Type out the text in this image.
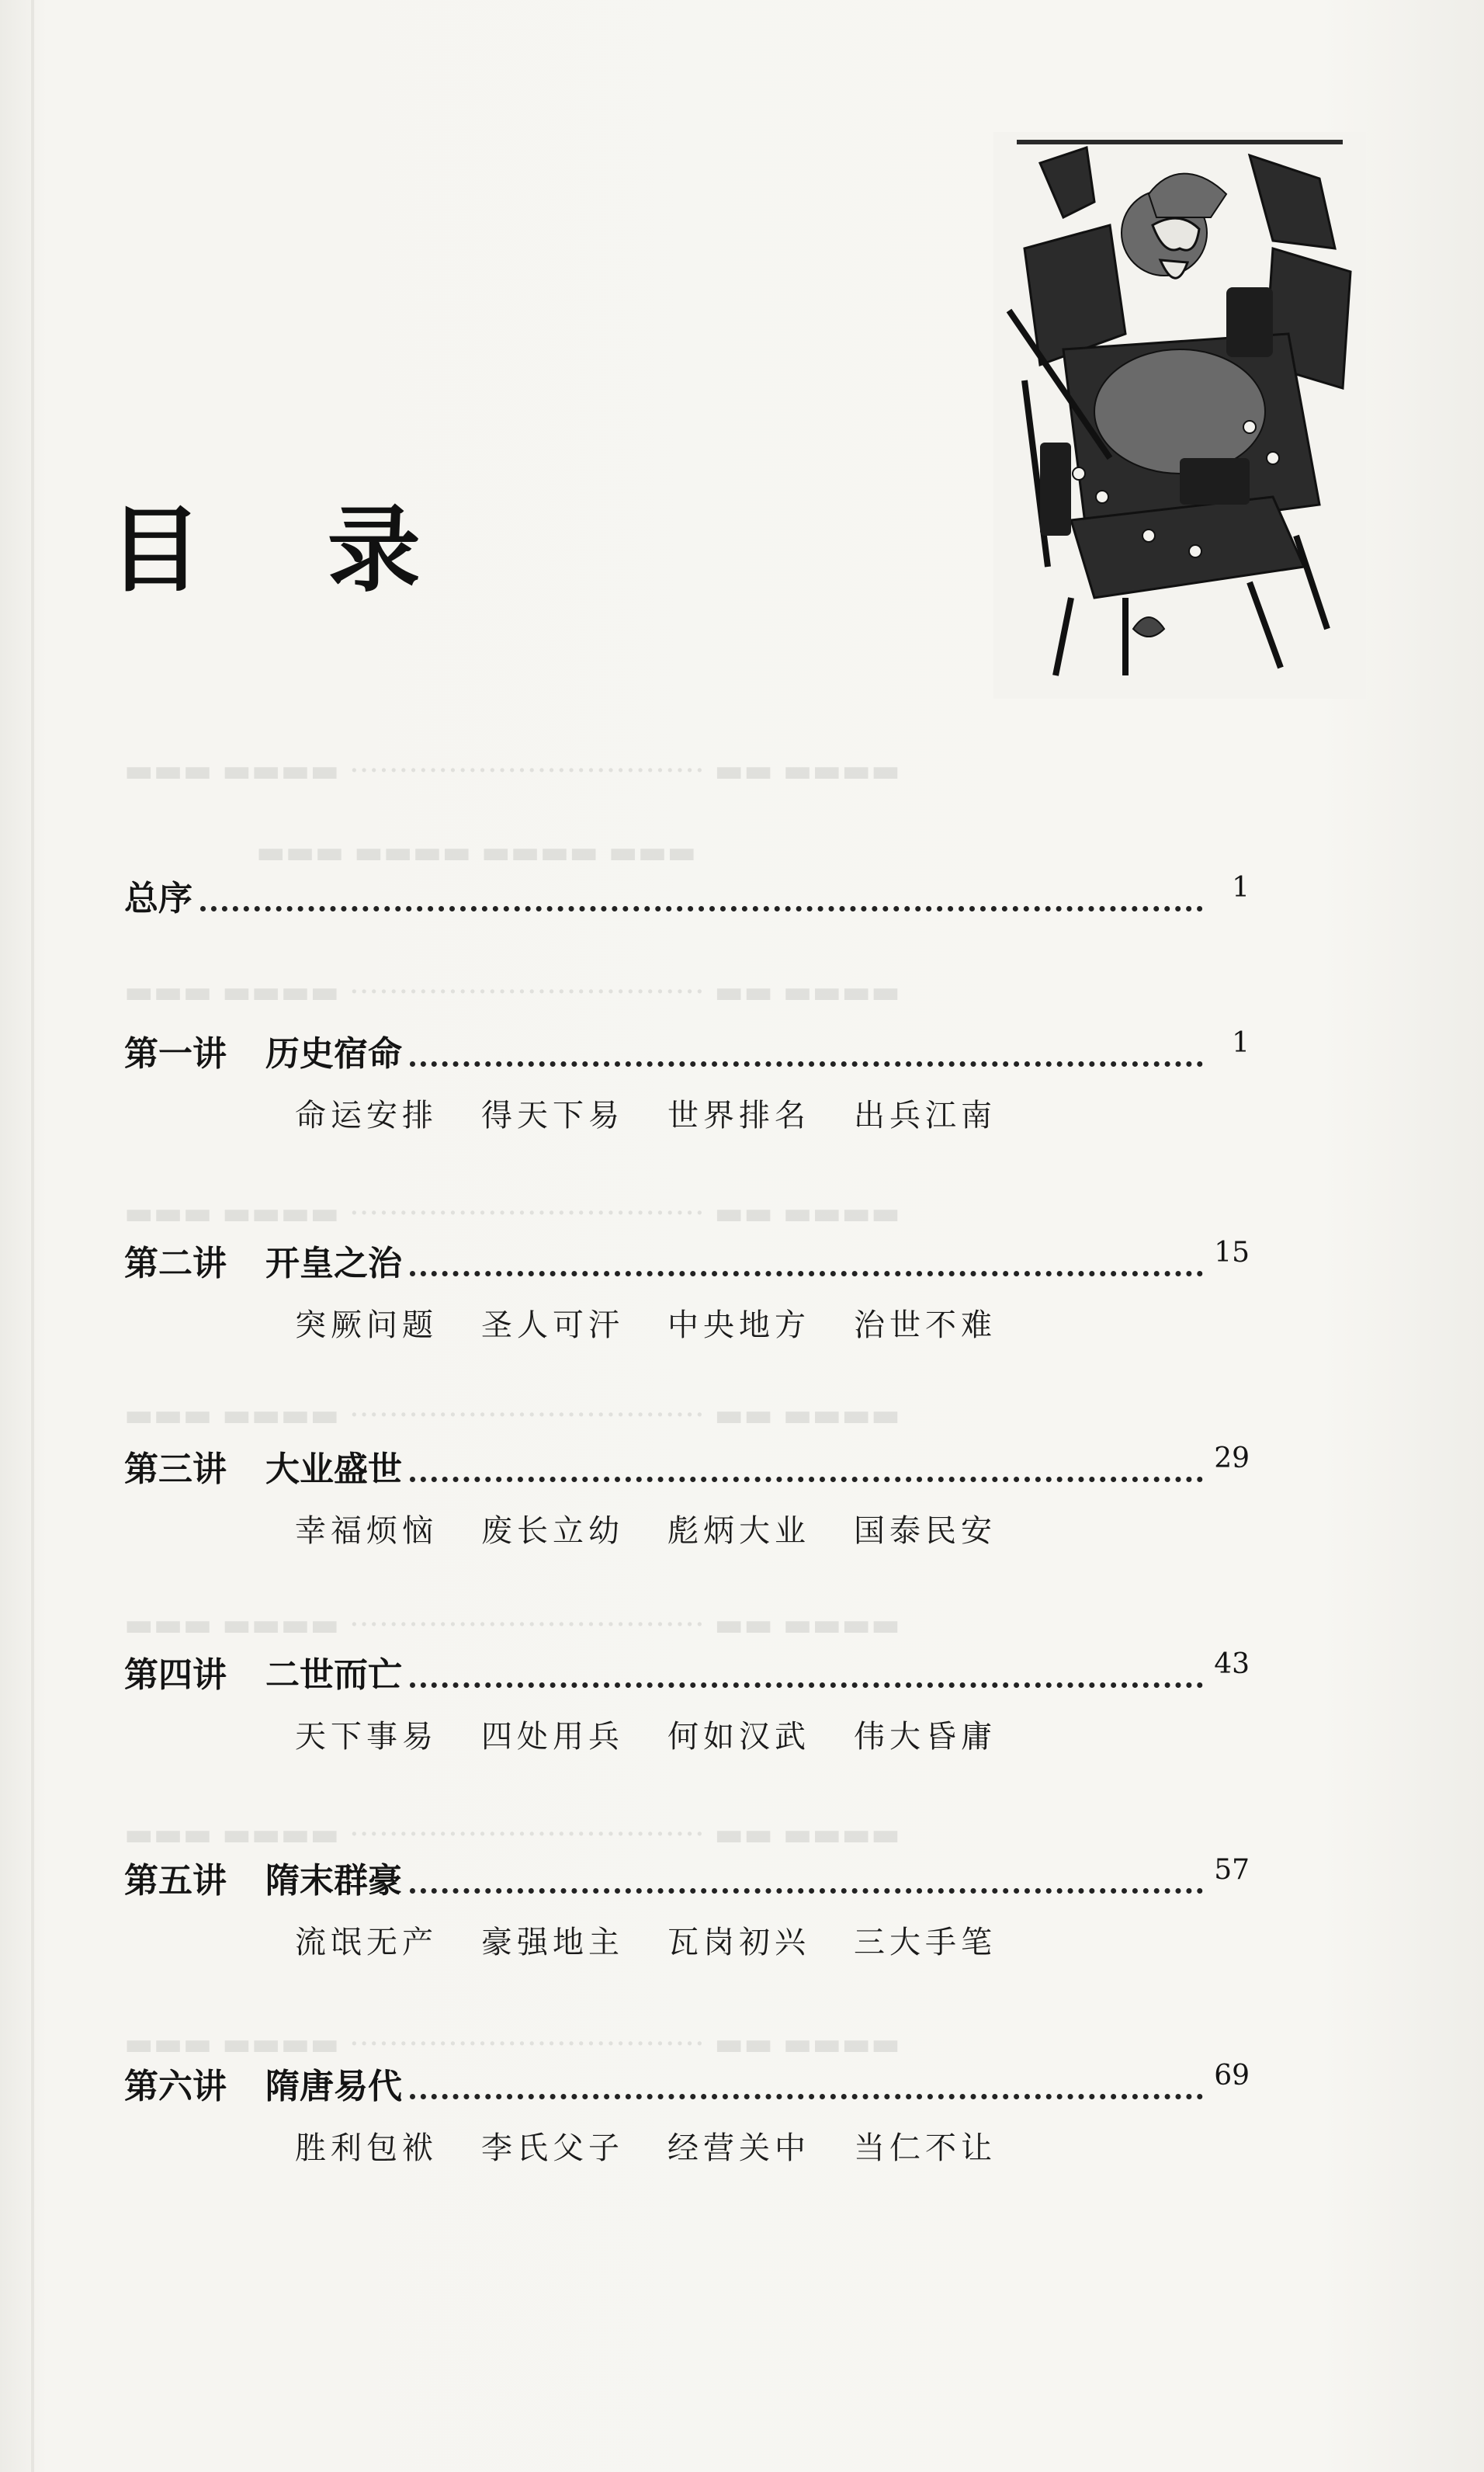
▬▬▬ ▬▬▬▬ ···································· ▬▬ ▬▬▬▬
▬▬▬ ▬▬▬▬ ▬▬▬▬ ▬▬▬
▬▬▬ ▬▬▬▬ ···································· ▬▬ ▬▬▬▬
▬▬▬ ▬▬▬▬ ···································· ▬▬ ▬▬▬▬
▬▬▬ ▬▬▬▬ ···································· ▬▬ ▬▬▬▬
▬▬▬ ▬▬▬▬ ···································· ▬▬ ▬▬▬▬
▬▬▬ ▬▬▬▬ ···································· ▬▬ ▬▬▬▬
▬▬▬ ▬▬▬▬ ···································· ▬▬ ▬▬▬▬
目 录
总序	1
第一讲 历史宿命	1
命运安排 得天下易 世界排名 出兵江南
第二讲 开皇之治	15
突厥问题 圣人可汗 中央地方 治世不难
第三讲 大业盛世	29
幸福烦恼 废长立幼 彪炳大业 国泰民安
第四讲 二世而亡	43
天下事易 四处用兵 何如汉武 伟大昏庸
第五讲 隋末群豪	57
流氓无产 豪强地主 瓦岗初兴 三大手笔
第六讲 隋唐易代	69
胜利包袱 李氏父子 经营关中 当仁不让
